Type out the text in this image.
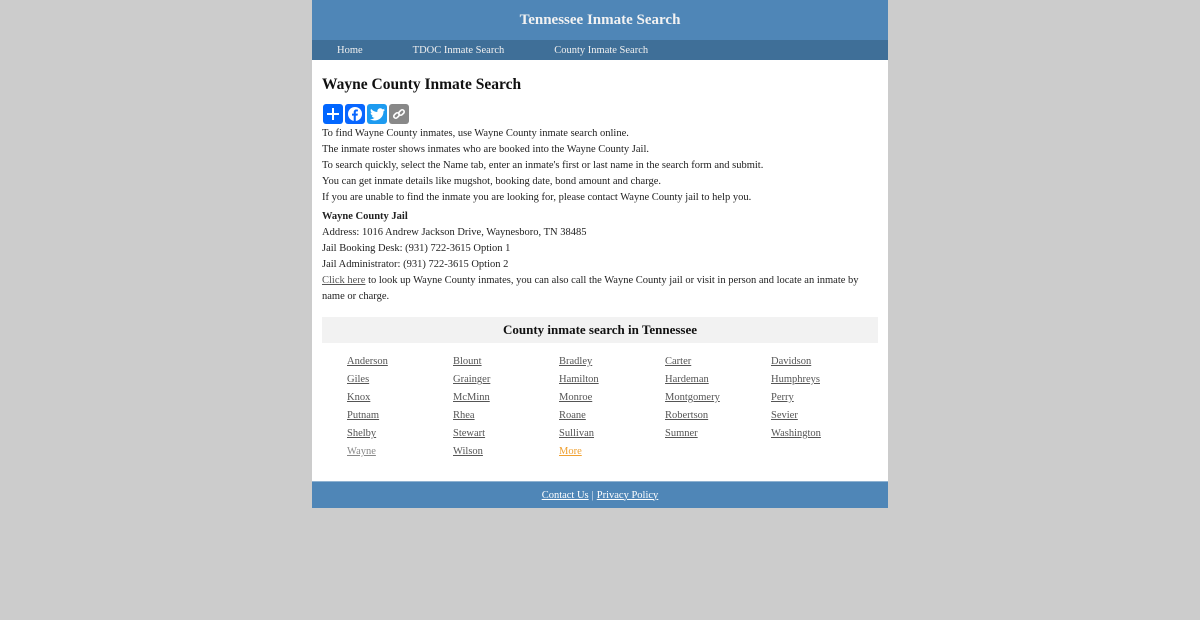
Tennessee Inmate Search
Home	TDOC Inmate Search	County Inmate Search
Wayne County Inmate Search

To find Wayne County inmates, use Wayne County inmate search online.

The inmate roster shows inmates who are booked into the Wayne County Jail.

To search quickly, select the Name tab, enter an inmate's first or last name in the search form and submit.

You can get inmate details like mugshot, booking date, bond amount and charge.

If you are unable to find the inmate you are looking for, please contact Wayne County jail to help you.

Wayne County Jail

Address: 1016 Andrew Jackson Drive, Waynesboro, TN 38485

Jail Booking Desk: (931) 722-3615 Option 1

Jail Administrator: (931) 722-3615 Option 2

Click here to look up Wayne County inmates, you can also call the Wayne County jail or visit in person and locate an inmate by name or charge.

County inmate search in Tennessee
Anderson	Blount	Bradley	Carter	Davidson
Giles	Grainger	Hamilton	Hardeman	Humphreys
Knox	McMinn	Monroe	Montgomery	Perry
Putnam	Rhea	Roane	Robertson	Sevier
Shelby	Stewart	Sullivan	Sumner	Washington
Wayne	Wilson	More
Contact Us | Privacy Policy
